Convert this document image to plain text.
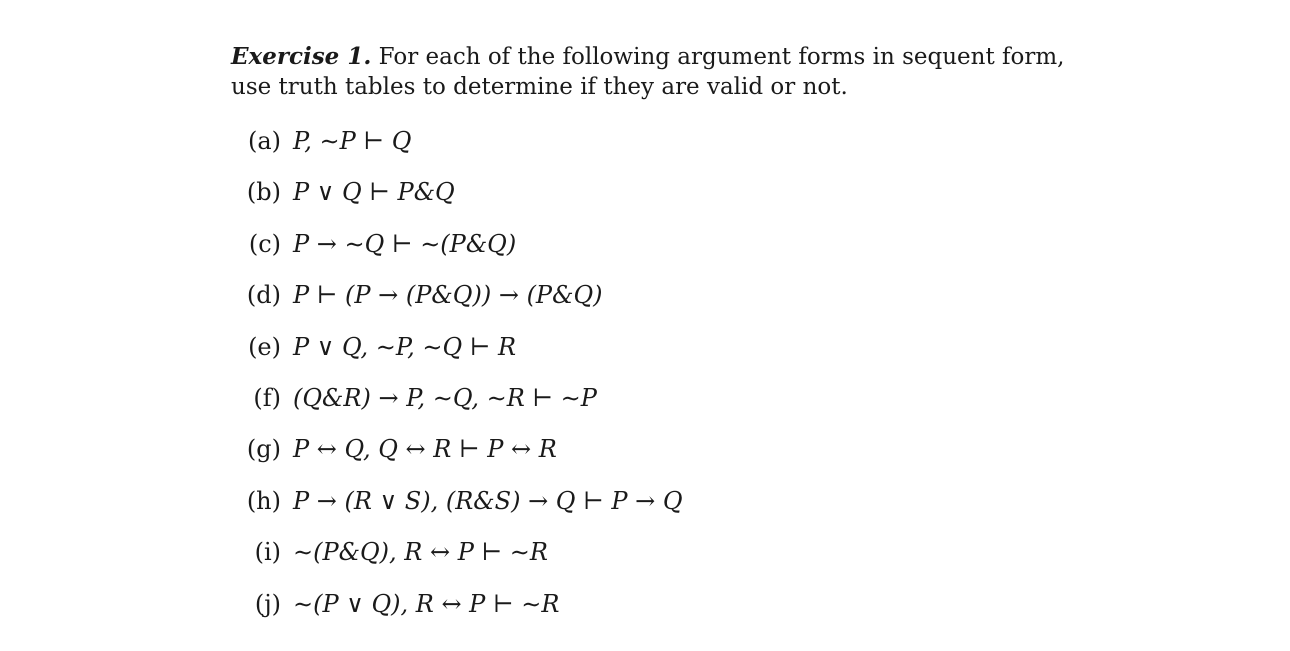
Exercise 1. For each of the following argument forms in sequent form, use truth tables to determine if they are valid or not.

(a) P, ∼P ⊢ Q
(b) P ∨ Q ⊢ P&Q
(c) P → ∼Q ⊢ ∼(P&Q)
(d) P ⊢ (P → (P&Q)) → (P&Q)
(e) P ∨ Q, ∼P, ∼Q ⊢ R
(f) (Q&R) → P, ∼Q, ∼R ⊢ ∼P
(g) P ↔ Q, Q ↔ R ⊢ P ↔ R
(h) P → (R ∨ S), (R&S) → Q ⊢ P → Q
(i) ∼(P&Q), R ↔ P ⊢ ∼R
(j) ∼(P ∨ Q), R ↔ P ⊢ ∼R
